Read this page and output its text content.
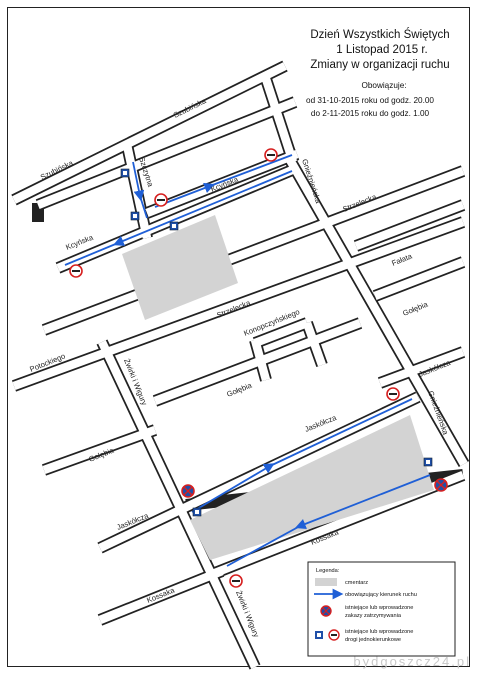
Dzień Wszystkich Świętych
1 Listopad 2015 r.
Zmiany w organizacji ruchu
Obowiązuje:
od 31-10-2015 roku od godz. 20.00
do 2-11-2015 roku do godz. 1.00
Szubińska
Szubińska
Szczytna	Kcyńska
Kcyńska
Gnieźnieńska
Gnieźnieńska
Strzelecka
Strzelecka
Fałata
Gołębia
Gołębia
Gołębia
Konopczyńskiego
Potockiego	Żwirki i Wigury
Żwirki i Wigury
Jaskółcza
Jaskółcza
Jaskółcza
Kossaka
Kossaka
Legenda:
cmentarz
obowiązujący kierunek ruchu
istniejące lub wprowadzone
zakazy zatrzymywania
istniejące lub wprowadzone
drogi jednokierunkowe
bydgoszcz24.pl
